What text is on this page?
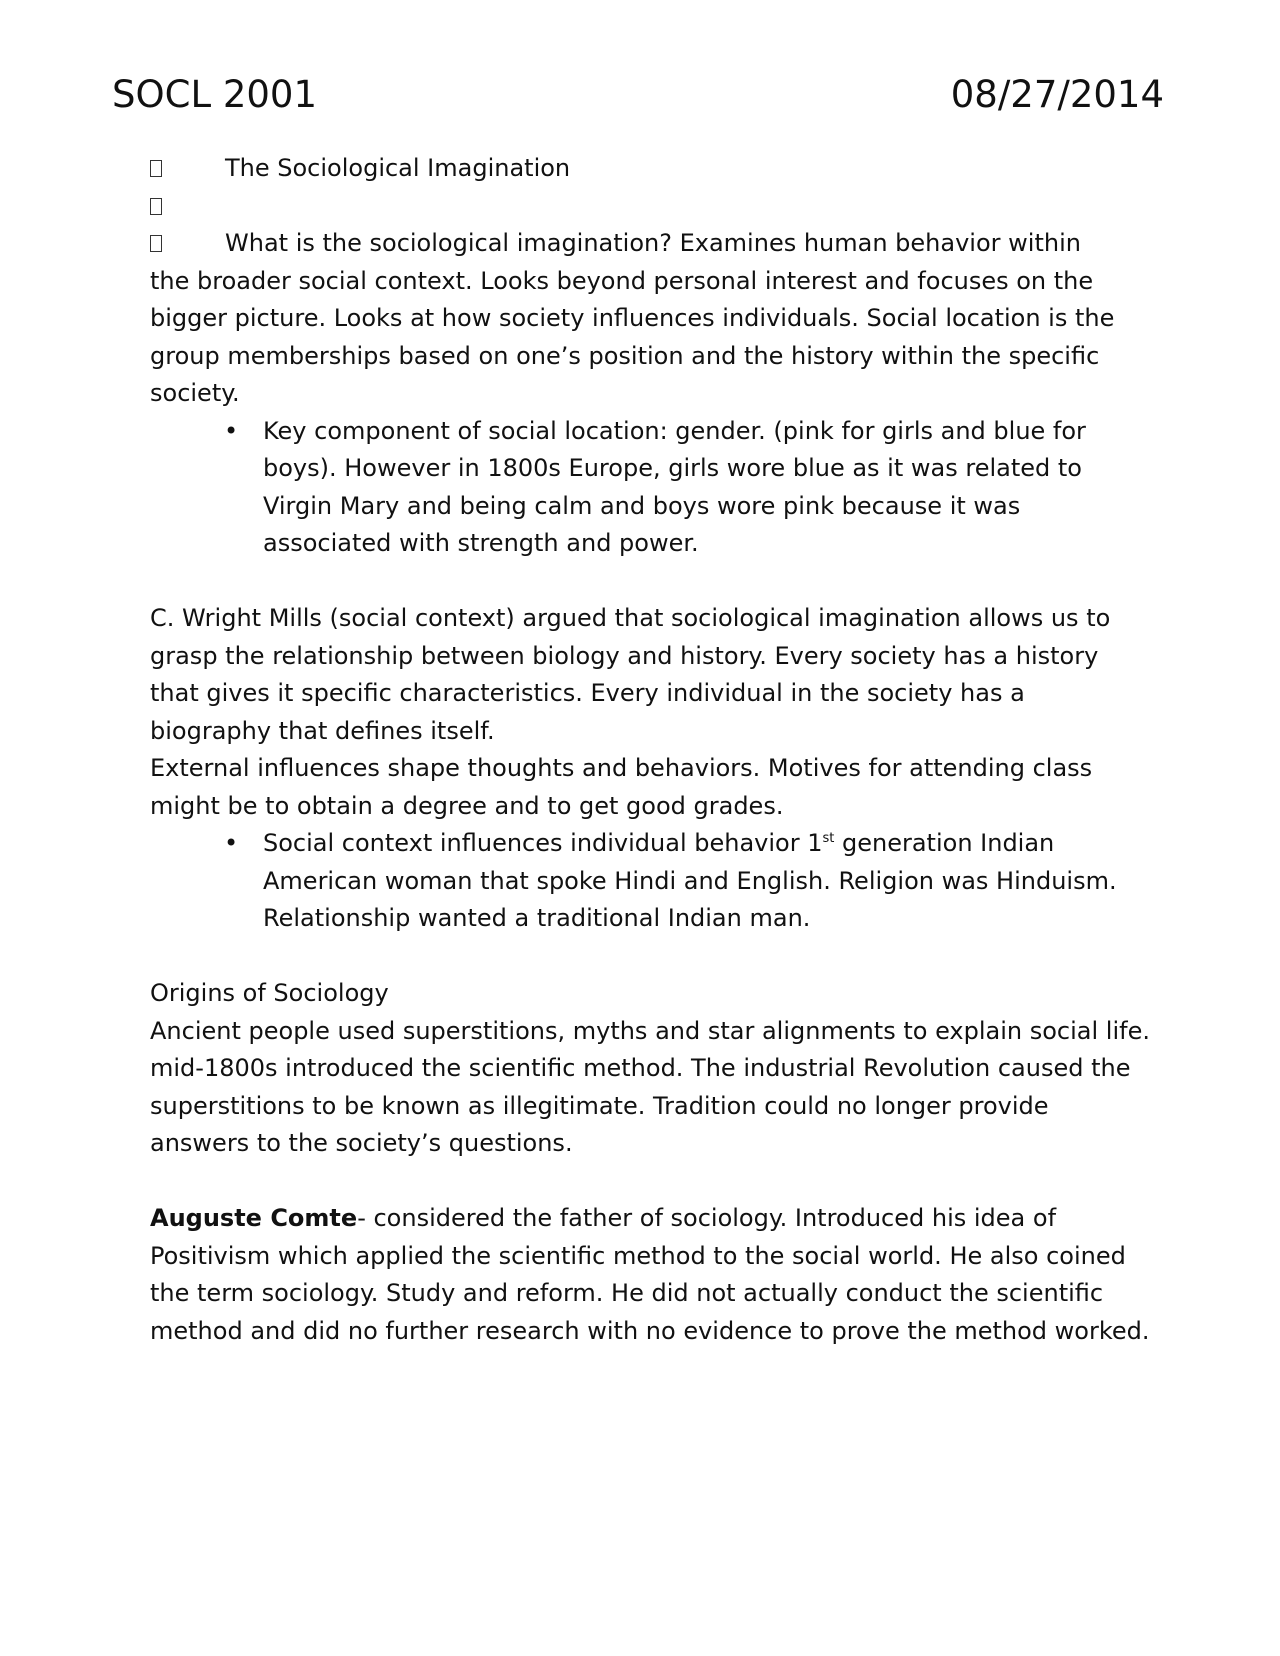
SOCL 2001	08/27/2014
The Sociological Imagination
What is the sociological imagination? Examines human behavior within

the broader social context. Looks beyond personal interest and focuses on the bigger picture. Looks at how society influences individuals. Social location is the group memberships based on one’s position and the history within the specific society.

• Key component of social location: gender. (pink for girls and blue for boys). However in 1800s Europe, girls wore blue as it was related to Virgin Mary and being calm and boys wore pink because it was associated with strength and power.

C. Wright Mills (social context) argued that sociological imagination allows us to grasp the relationship between biology and history. Every society has a history that gives it specific characteristics. Every individual in the society has a biography that defines itself.

External influences shape thoughts and behaviors. Motives for attending class might be to obtain a degree and to get good grades.

• Social context influences individual behavior 1st generation Indian American woman that spoke Hindi and English. Religion was Hinduism. Relationship wanted a traditional Indian man.

Origins of Sociology

Ancient people used superstitions, myths and star alignments to explain social life. mid-1800s introduced the scientific method. The industrial Revolution caused the superstitions to be known as illegitimate. Tradition could no longer provide answers to the society’s questions.

Auguste Comte- considered the father of sociology. Introduced his idea of Positivism which applied the scientific method to the social world. He also coined the term sociology. Study and reform. He did not actually conduct the scientific method and did no further research with no evidence to prove the method worked.
